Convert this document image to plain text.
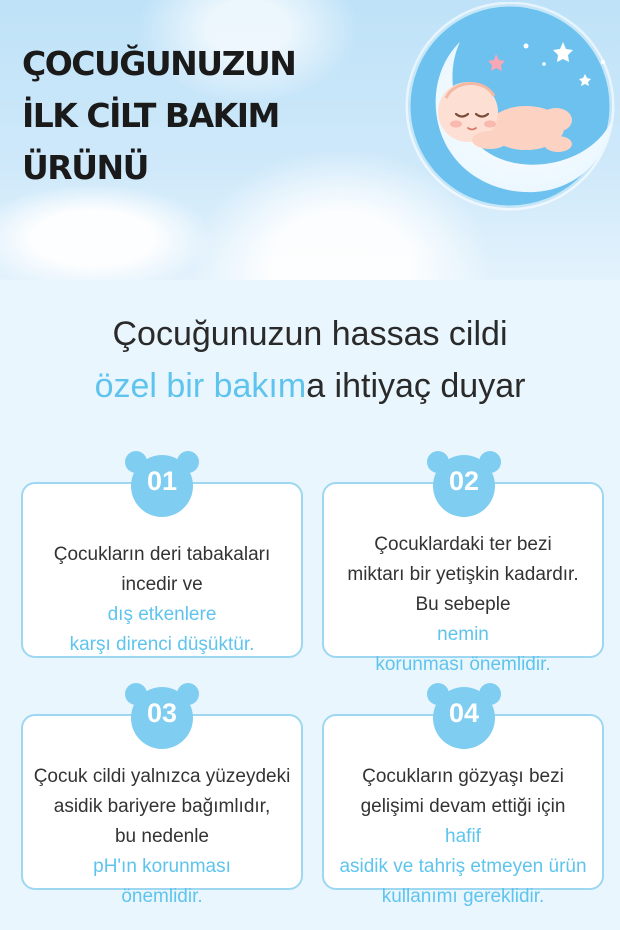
ÇOCUĞUNUZUN
İLK CİLT BAKIM
ÜRÜNÜ
Çocuğunuzun hassas cildi
özel bir bakıma ihtiyaç duyar
Çocukların deri tabakaları
incedir ve
dış etkenlere
karşı direnci düşüktür.
01
Çocuklardaki ter bezi
miktarı bir yetişkin kadardır.
Bu sebeple
nemin
korunması önemlidir.
02
Çocuk cildi yalnızca yüzeydeki
asidik bariyere bağımlıdır,
bu nedenle
pH'ın korunması
önemlidir.
03
Çocukların gözyaşı bezi
gelişimi devam ettiği için
hafif
asidik ve tahriş etmeyen ürün
kullanımı gereklidir.
04
